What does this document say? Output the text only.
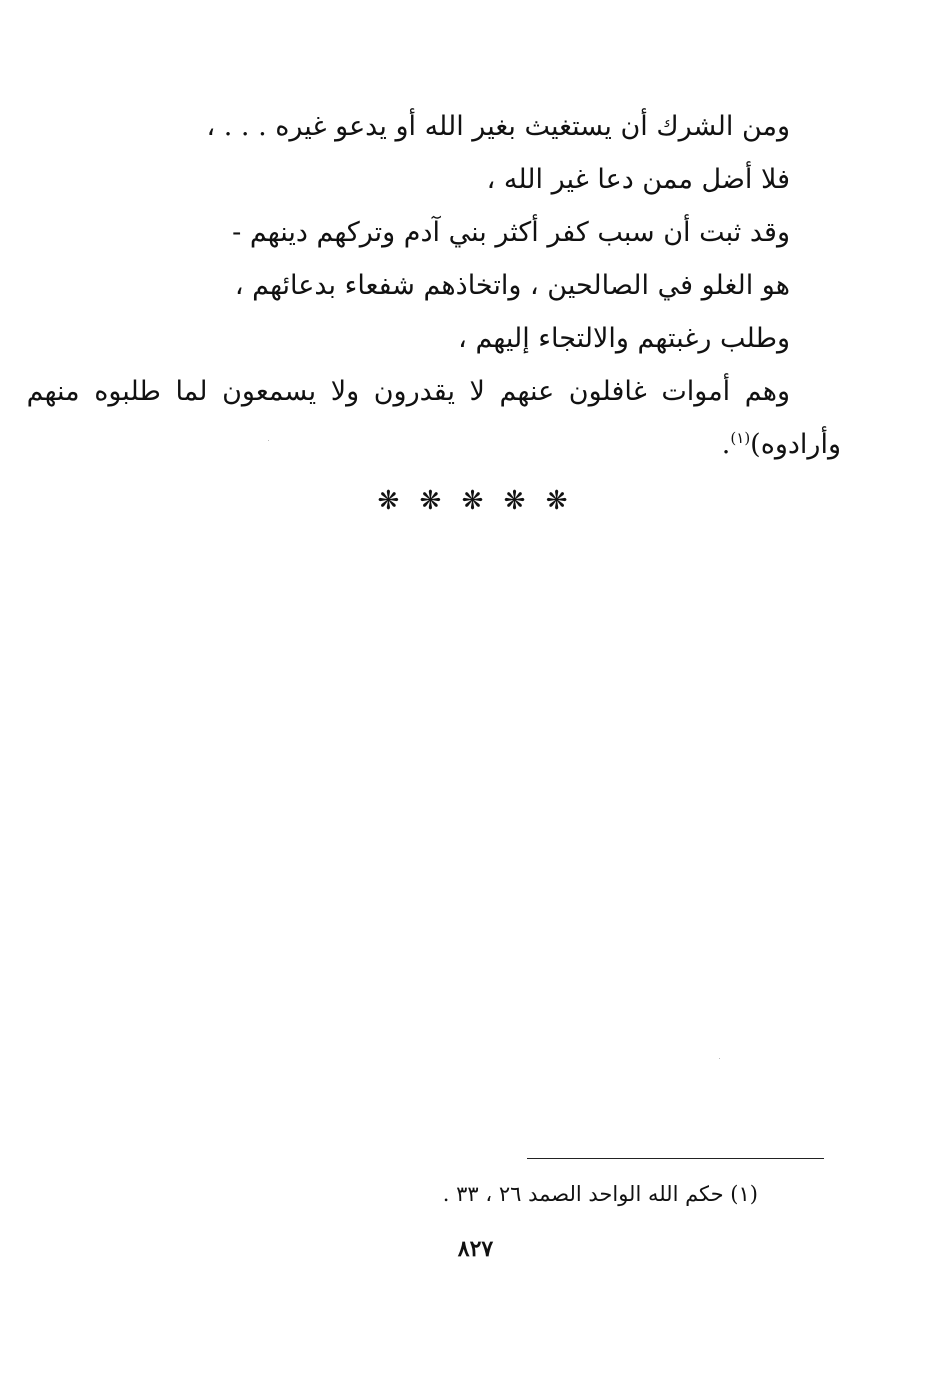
ومن الشرك أن يستغيث بغير الله أو يدعو غيره . . . ،
فلا أضل ممن دعا غير الله ،
وقد ثبت أن سبب كفر أكثر بني آدم وتركهم دينهم -
هو الغلو في الصالحين ، واتخاذهم شفعاء بدعائهم ،
وطلب رغبتهم والالتجاء إليهم ،
وهم أموات غافلون عنهم لا يقدرون ولا يسمعون لما طلبوه منهم
وأرادوه)$^{(١)}$.
❋ ❋ ❋ ❋ ❋
(١) حكم الله الواحد الصمد ٢٦ ، ٣٣ .
٨٢٧
